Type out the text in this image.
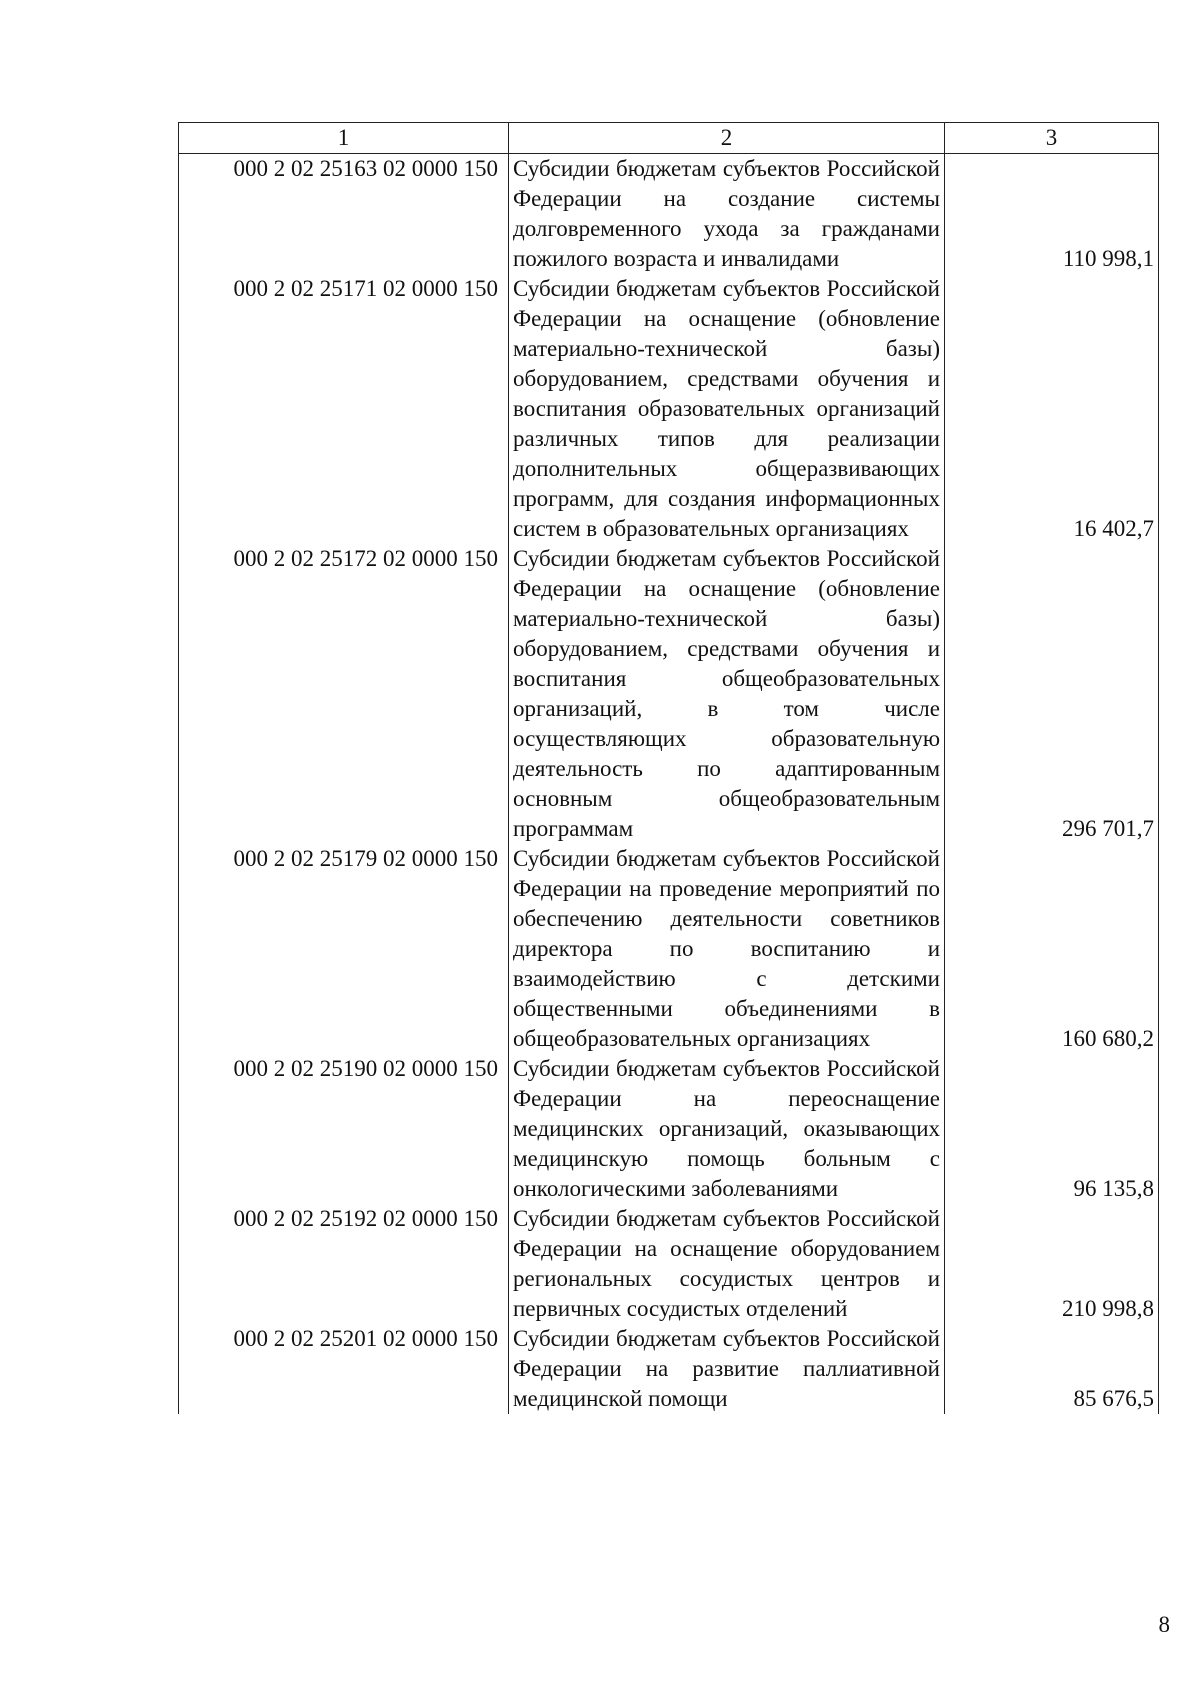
1	2	3
000 2 02 25163 02 0000 150	Субсидии бюджетам субъектов Российской Федерации на создание системы долговременного ухода за гражданами пожилого возраста и инвалидами	110 998,1
000 2 02 25171 02 0000 150	Субсидии бюджетам субъектов Российской Федерации на оснащение (обновление материально-технической базы) оборудованием, средствами обучения и воспитания образовательных организаций различных типов для реализации дополнительных общеразвивающих программ, для создания информационных систем в образовательных организациях	16 402,7
000 2 02 25172 02 0000 150	Субсидии бюджетам субъектов Российской Федерации на оснащение (обновление материально-технической базы) оборудованием, средствами обучения и воспитания общеобразовательных организаций, в том числе осуществляющих образовательную деятельность по адаптированным основным общеобразовательным программам	296 701,7
000 2 02 25179 02 0000 150	Субсидии бюджетам субъектов Российской Федерации на проведение мероприятий по обеспечению деятельности советников директора по воспитанию и взаимодействию с детскими общественными объединениями в общеобразовательных организациях	160 680,2
000 2 02 25190 02 0000 150	Субсидии бюджетам субъектов Российской Федерации на переоснащение медицинских организаций, оказывающих медицинскую помощь больным с онкологическими заболеваниями	96 135,8
000 2 02 25192 02 0000 150	Субсидии бюджетам субъектов Российской Федерации на оснащение оборудованием региональных сосудистых центров и первичных сосудистых отделений	210 998,8
000 2 02 25201 02 0000 150	Субсидии бюджетам субъектов Российской Федерации на развитие паллиативной медицинской помощи	85 676,5
8
